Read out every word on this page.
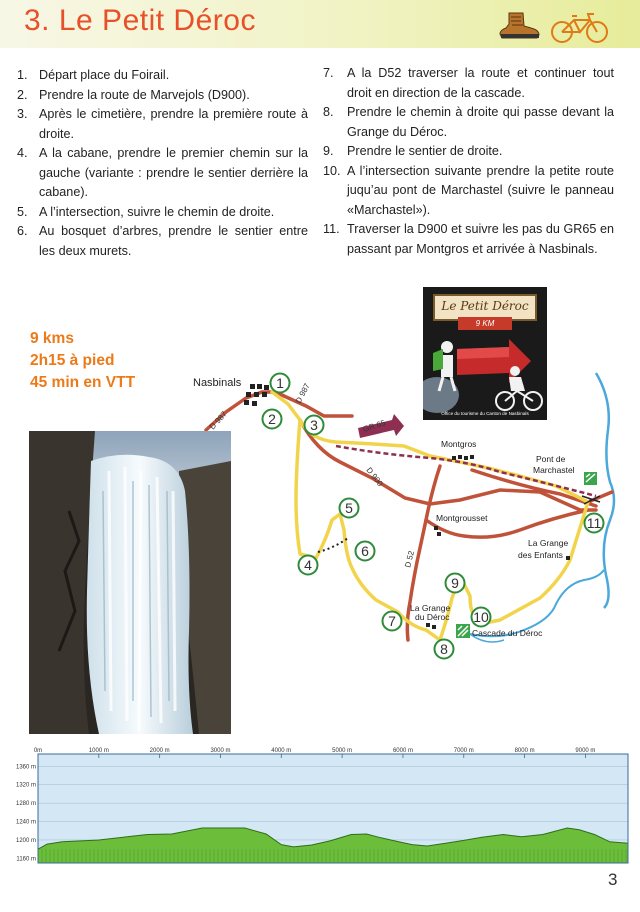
3. Le Petit Déroc
1. Départ place du Foirail.
2. Prendre la route de Marvejols (D900).
3. Après le cimetière, prendre la première route à droite.
4. A la cabane, prendre le premier chemin sur la gauche (variante : prendre le sentier derrière la cabane).
5. A l’intersection, suivre le chemin de droite.
6. Au bosquet d’arbres, prendre le sentier entre les deux murets.
7. A la D52 traverser la route et continuer tout droit en direction de la cascade.
8. Prendre le chemin à droite qui passe devant la Grange du Déroc.
9. Prendre le sentier de droite.
10. A l’intersection suivante prendre la petite route juqu’au pont de Marchastel (suivre le panneau «Marchastel»).
11. Traverser la D900 et suivre les pas du GR65 en passant par Montgros et arrivée à Nasbinals.
9 kms
2h15 à pied
45 min en VTT
D 987
D 987
GR 65
D 900
D 52
Nasbinals
Montgros
Pont de
Marchastel
Montgrousset
La Grange
des Enfants
La Grange
du Déroc
Cascade du Déroc
1
2 3
4
5
6
7
8
9
10
11
Le Petit Déroc
9 KM
Office du tourisme du Canton de Nasbinals
0m	1000 m	2000 m	3000 m	4000 m	5000 m	6000 m	7000 m	8000 m	9000 m
1360 m
1320 m
1280 m
1240 m
1200 m
1160 m
3
